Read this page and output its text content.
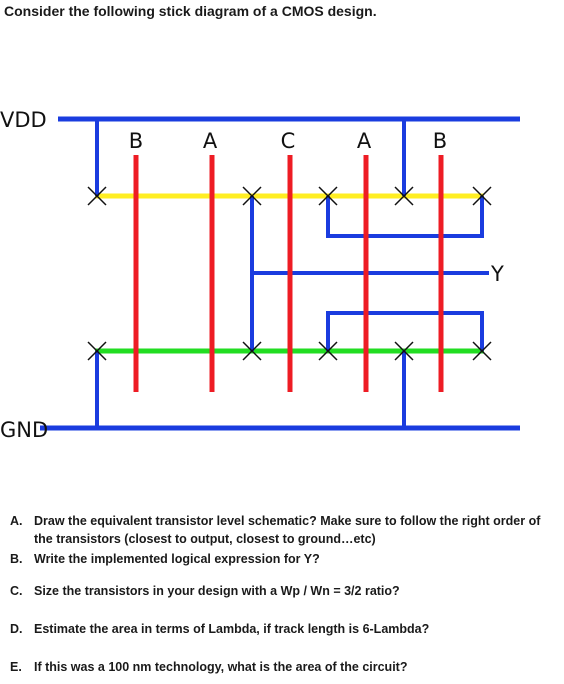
Consider the following stick diagram of a CMOS design.
VDD
GND
B	A	C	A	B
Y
A. Draw the equivalent transistor level schematic? Make sure to follow the right order of the transistors (closest to output, closest to ground…etc)
B. Write the implemented logical expression for Y?
C. Size the transistors in your design with a Wp / Wn = 3/2 ratio?
D. Estimate the area in terms of Lambda, if track length is 6-Lambda?
E. If this was a 100 nm technology, what is the area of the circuit?
